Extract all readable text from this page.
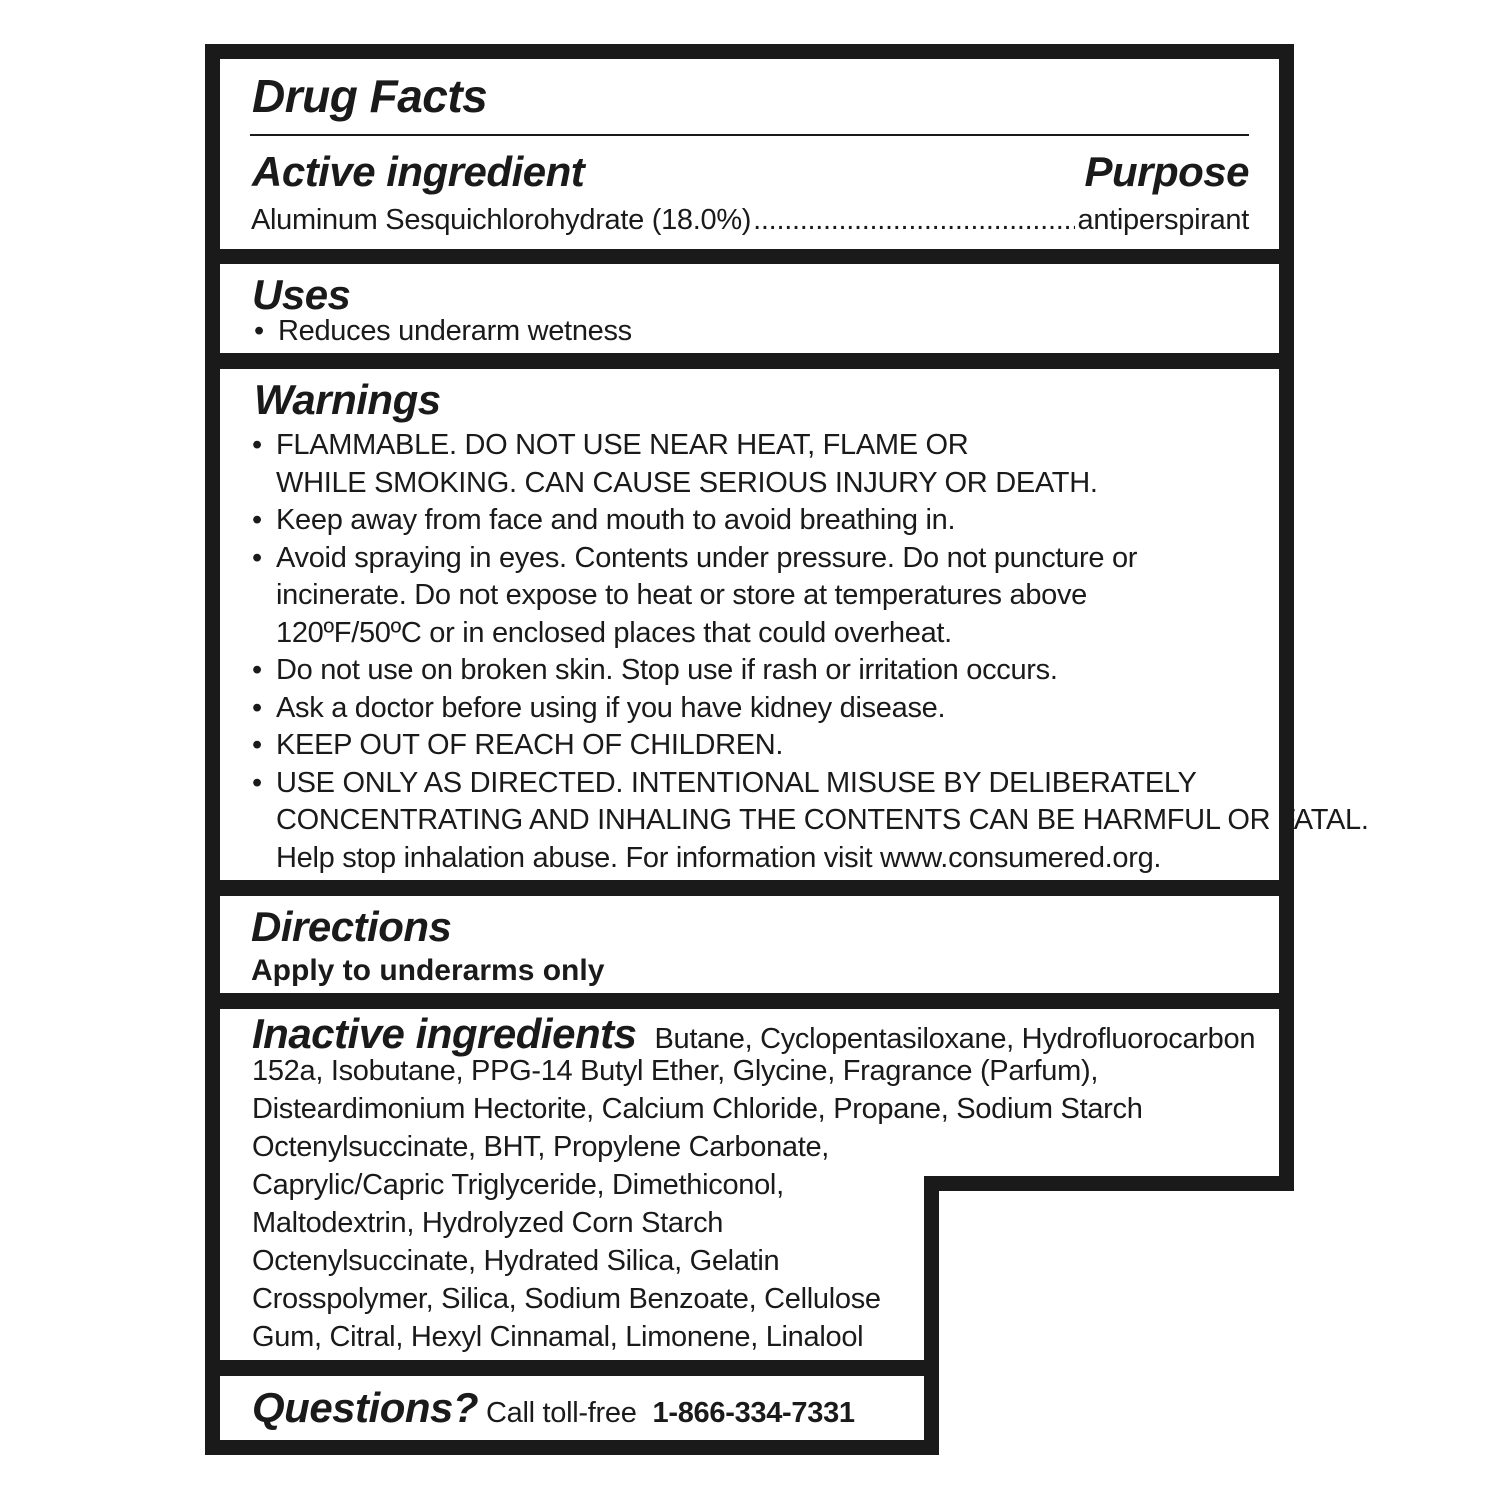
Drug Facts
Active ingredient	Purpose
Aluminum Sesquichlorohydrate (18.0%)
.....	antiperspirant
Uses
• Reduces underarm wetness
Warnings
• FLAMMABLE. DO NOT USE NEAR HEAT, FLAME OR
WHILE SMOKING. CAN CAUSE SERIOUS INJURY OR DEATH.
• Keep away from face and mouth to avoid breathing in.
• Avoid spraying in eyes. Contents under pressure. Do not puncture or
incinerate. Do not expose to heat or store at temperatures above
120ºF/50ºC or in enclosed places that could overheat.
• Do not use on broken skin. Stop use if rash or irritation occurs.
• Ask a doctor before using if you have kidney disease.
• KEEP OUT OF REACH OF CHILDREN.
• USE ONLY AS DIRECTED. INTENTIONAL MISUSE BY DELIBERATELY
CONCENTRATING AND INHALING THE CONTENTS CAN BE HARMFUL OR FATAL.
Help stop inhalation abuse. For information visit www.consumered.org.
Directions
Apply to underarms only
Inactive ingredients Butane, Cyclopentasiloxane, Hydrofluorocarbon
152a, Isobutane, PPG-14 Butyl Ether, Glycine, Fragrance (Parfum),
Disteardimonium Hectorite, Calcium Chloride, Propane, Sodium Starch
Octenylsuccinate, BHT, Propylene Carbonate,
Caprylic/Capric Triglyceride, Dimethiconol,
Maltodextrin, Hydrolyzed Corn Starch
Octenylsuccinate, Hydrated Silica, Gelatin
Crosspolymer, Silica, Sodium Benzoate, Cellulose
Gum, Citral, Hexyl Cinnamal, Limonene, Linalool
Questions? Call toll-free 1-866-334-7331
